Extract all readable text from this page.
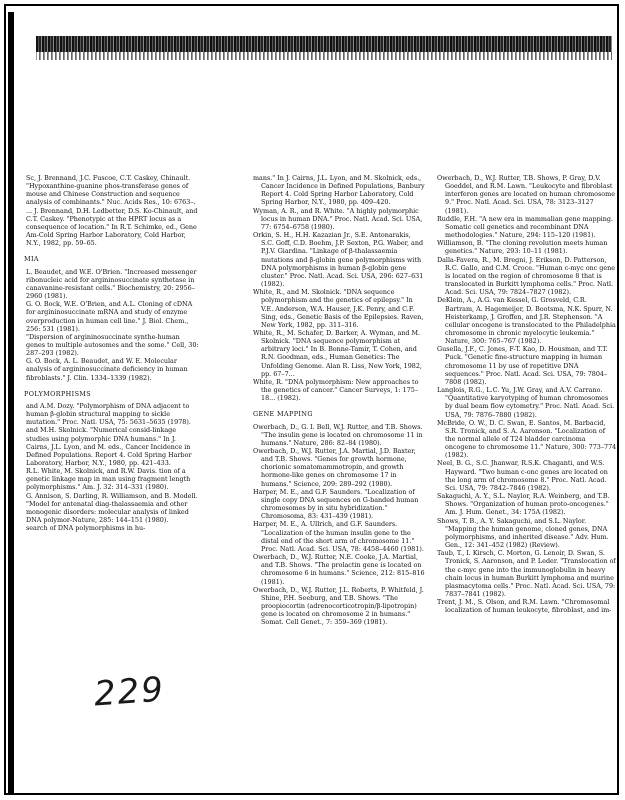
Sc, J. Brennand, J.C. Fuscoe, C.T. Caskey, Chinault. "Hypoxanthine-guanine phos-transferase genes of mouse and Chinese Construction and sequence analysis of combinants." Nuc. Acids Res., 10: 6763–.

... J. Brennand, D.H. Ledbetter, D.S. Ko-Chinault, and C.T. Caskey. "Phenotypic at the HPRT locus as a consequence of location." In R.T. Schimke, ed., Gene Am-Cold Spring Harbor Laboratory, Cold Harbor, N.Y., 1982, pp. 59–65.

MIA

L. Beaudet, and W.E. O'Brien. "Increased messenger ribonucleic acid for argininosuccinate synthetase in canavanine-resistant cells." Biochemistry, 20: 2956–2960 (1981).

G. O. Bock, W.E. O'Brien, and A.L. Cloning of cDNA for argininosuccinate mRNA and study of enzyme overproduction in human cell line." J. Biol. Chem., 256: 531 (1981).

"Dispersion of argininosuccinate synthe-human genes to multiple autosomes and the some." Cell, 30: 287–293 (1982).

G. O. Bock, A. L. Beaudet, and W. E. Molecular analysis of argininosuccinate deficiency in human fibroblasts." J. Clin. 1334–1339 (1982).

POLYMORPHISMS

and A.M. Dozy. "Polymorphism of DNA adjacent to human β-globin structural mapping to sickle mutation." Proc. Natl. USA, 75: 5631–5635 (1978).

and M.H. Skolnick. "Numerical consid-linkage studies using polymorphic DNA humans." In J. Cairns, J.L. Lyon, and M. eds., Cancer Incidence in Defined Populations. Report 4. Cold Spring Harbor Laboratory, Harbor, N.Y., 1980, pp. 421–433.

R.L. White, M. Skolnick, and R.W. Davis. tion of a genetic linkage map in man using fragment length polymorphisms." Am. J. 32: 314–331 (1980).

G. Annison, S. Darling, R. Williamson, and B. Modell. "Model for antenatal diag-thalassaemia and other monogenic disorders: molecular analysis of linked DNA polymor-Nature, 285: 144–151 (1980).

search of DNA polymorphisms in hu-

mans." In J. Cairns, J.L. Lyon, and M. Skolnick, eds., Cancer Incidence in Defined Populations, Banbury Report 4. Cold Spring Harbor Laboratory, Cold Spring Harbor, N.Y., 1980, pp. 409–420.

Wyman, A. R., and R. White. "A highly polymorphic locus in human DNA." Proc. Natl. Acad. Sci. USA, 77: 6754–6758 (1980).

Orkin, S. H., H.H. Kazazian Jr., S.E. Antonarakis, S.C. Goff, C.D. Boehm, J.P. Sexton, P.G. Waber, and P.J.V. Giardina. "Linkage of β-thalassaemia mutations and β-globin gene polymorphisms with DNA polymorphisms in human β-globin gene cluster." Proc. Natl. Acad. Sci. USA, 296: 627–631 (1982).

White, R., and M. Skolnick. "DNA sequence polymorphism and the genetics of epilepsy." In V.E. Anderson, W.A. Hauser, J.K. Penry, and C.F. Sing, eds., Genetic Basis of the Epilepsies. Raven, New York, 1982, pp. 311–316.

White, R., M. Schafer, D. Barker, A. Wyman, and M. Skolnick. "DNA sequence polymorphism at arbitrary loci." In B. Bonne-Tamir, T. Cohen, and R.N. Goodman, eds., Human Genetics: The Unfolding Genome. Alan R. Liss, New York, 1982, pp. 67–7...

White, R. "DNA polymorphism: New approaches to the genetics of cancer." Cancer Surveys, 1: 175–18... (1982).

GENE MAPPING

Owerbach, D., G. I. Bell, W.J. Rutter, and T.B. Shows. "The insulin gene is located on chromosome 11 in humans." Nature, 286: 82–84 (1980).

Owerbach, D., W.J. Rutter, J.A. Martial, J.D. Baxter, and T.B. Shows. "Genes for growth hormone, chorionic somatomammotropin, and growth hormone-like genes on chromosome 17 in humans." Science, 209: 289–292 (1980).

Harper, M. E., and G.F. Saunders. "Localization of single copy DNA sequences on G-banded human chromosomes by in situ hybridization." Chromosoma, 83: 431–439 (1981).

Harper, M. E., A. Ullrich, and G.F. Saunders. "Localization of the human insulin gene to the distal end of the short arm of chromosome 11." Proc. Natl. Acad. Sci. USA, 78: 4458–4460 (1981).

Owerbach, D., W.J. Rutter, N.E. Cooke, J.A. Martial, and T.B. Shows. "The prolactin gene is located on chromosome 6 in humans." Science, 212: 815–816 (1981).

Owerbach, D., W.J. Rutter, J.L. Roberts, P. Whitfeld, J. Shine, P.H. Seeburg, and T.B. Shows. "The proopiocortin (adrenocorticotropin/β-lipotropin) gene is located on chromosome 2 in humans." Somat. Cell Genet., 7: 359–369 (1981).

Owerbach, D., W.J. Rutter, T.B. Shows, P. Gray, D.V. Goeddel, and R.M. Lawn. "Leukocyte and fibroblast interferon genes are located on human chromosome 9." Proc. Natl. Acad. Sci. USA, 78: 3123–3127 (1981).

Ruddle, F.H. "A new era in mammalian gene mapping. Somatic cell genetics and recombinant DNA methodologies." Nature, 294: 115–120 (1981).

Williamson, B. "The cloning revolution meets human genetics." Nature, 293: 10–11 (1981).

Dalla-Favera, R., M. Bregni, J. Erikson, D. Patterson, R.C. Gallo, and C.M. Croce. "Human c-myc onc gene is located on the region of chromosome 8 that is translocated in Burkitt lymphoma cells." Proc. Natl. Acad. Sci. USA, 79: 7824–7827 (1982).

DeKlein, A., A.G. van Kessel, G. Grosveld, C.R. Bartram, A. Hagemeijer, D. Bootsma, N.K. Spurr, N. Heisterkamp, J. Groffen, and J.R. Stephenson. "A cellular oncogene is translocated to the Philadelphia chromosome in chronic myelocytic leukemia." Nature, 300: 765–767 (1982).

Gusella, J.F., C. Jones, F-T. Kao, D. Housman, and T.T. Puck. "Genetic fine-structure mapping in human chromosome 11 by use of repetitive DNA sequences." Proc. Natl. Acad. Sci. USA, 79: 7804–7808 (1982).

Langlois, R.G., L.C. Yu, J.W. Gray, and A.V. Carrano. "Quantitative karyotyping of human chromosomes by dual beam flow cytometry." Proc. Natl. Acad. Sci. USA, 79: 7876–7880 (1982).

McBride, O. W., D. C. Swan, E. Santos, M. Barbacid, S.R. Tronick, and S. A. Aaronson. "Localization of the normal allele of T24 bladder carcinoma oncogene to chromosome 11." Nature, 300: 773–774 (1982).

Neel, B. G., S.C. Jhanwar, R.S.K. Chaganti, and W.S. Hayward. "Two human c-onc genes are located on the long arm of chromosome 8." Proc. Natl. Acad. Sci. USA, 79: 7842–7846 (1982).

Sakaguchi, A. Y., S.L. Naylor, R.A. Weinberg, and T.B. Shows. "Organization of human proto-oncogenes." Am. J. Hum. Genet., 34: 175A (1982).

Shows, T. B., A. Y. Sakaguchi, and S.L. Naylor. "Mapping the human genome, cloned genes, DNA polymorphisms, and inherited disease." Adv. Hum. Gen., 12: 341–452 (1982) (Review).

Taub, T., I. Kirsch, C. Morton, G. Lenoir, D. Swan, S. Tronick, S. Aaronson, and P. Leder. "Translocation of the c-myc gene into the immunoglobulin in heavy chain locus in human Burkitt lymphoma and murine plasmacytoma cells." Proc. Natl. Acad. Sci. USA, 79: 7837–7841 (1982).

Trent, J. M., S. Olson, and R.M. Lawn. "Chromosomal localization of human leukocyte, fibroblast, and im-

229
